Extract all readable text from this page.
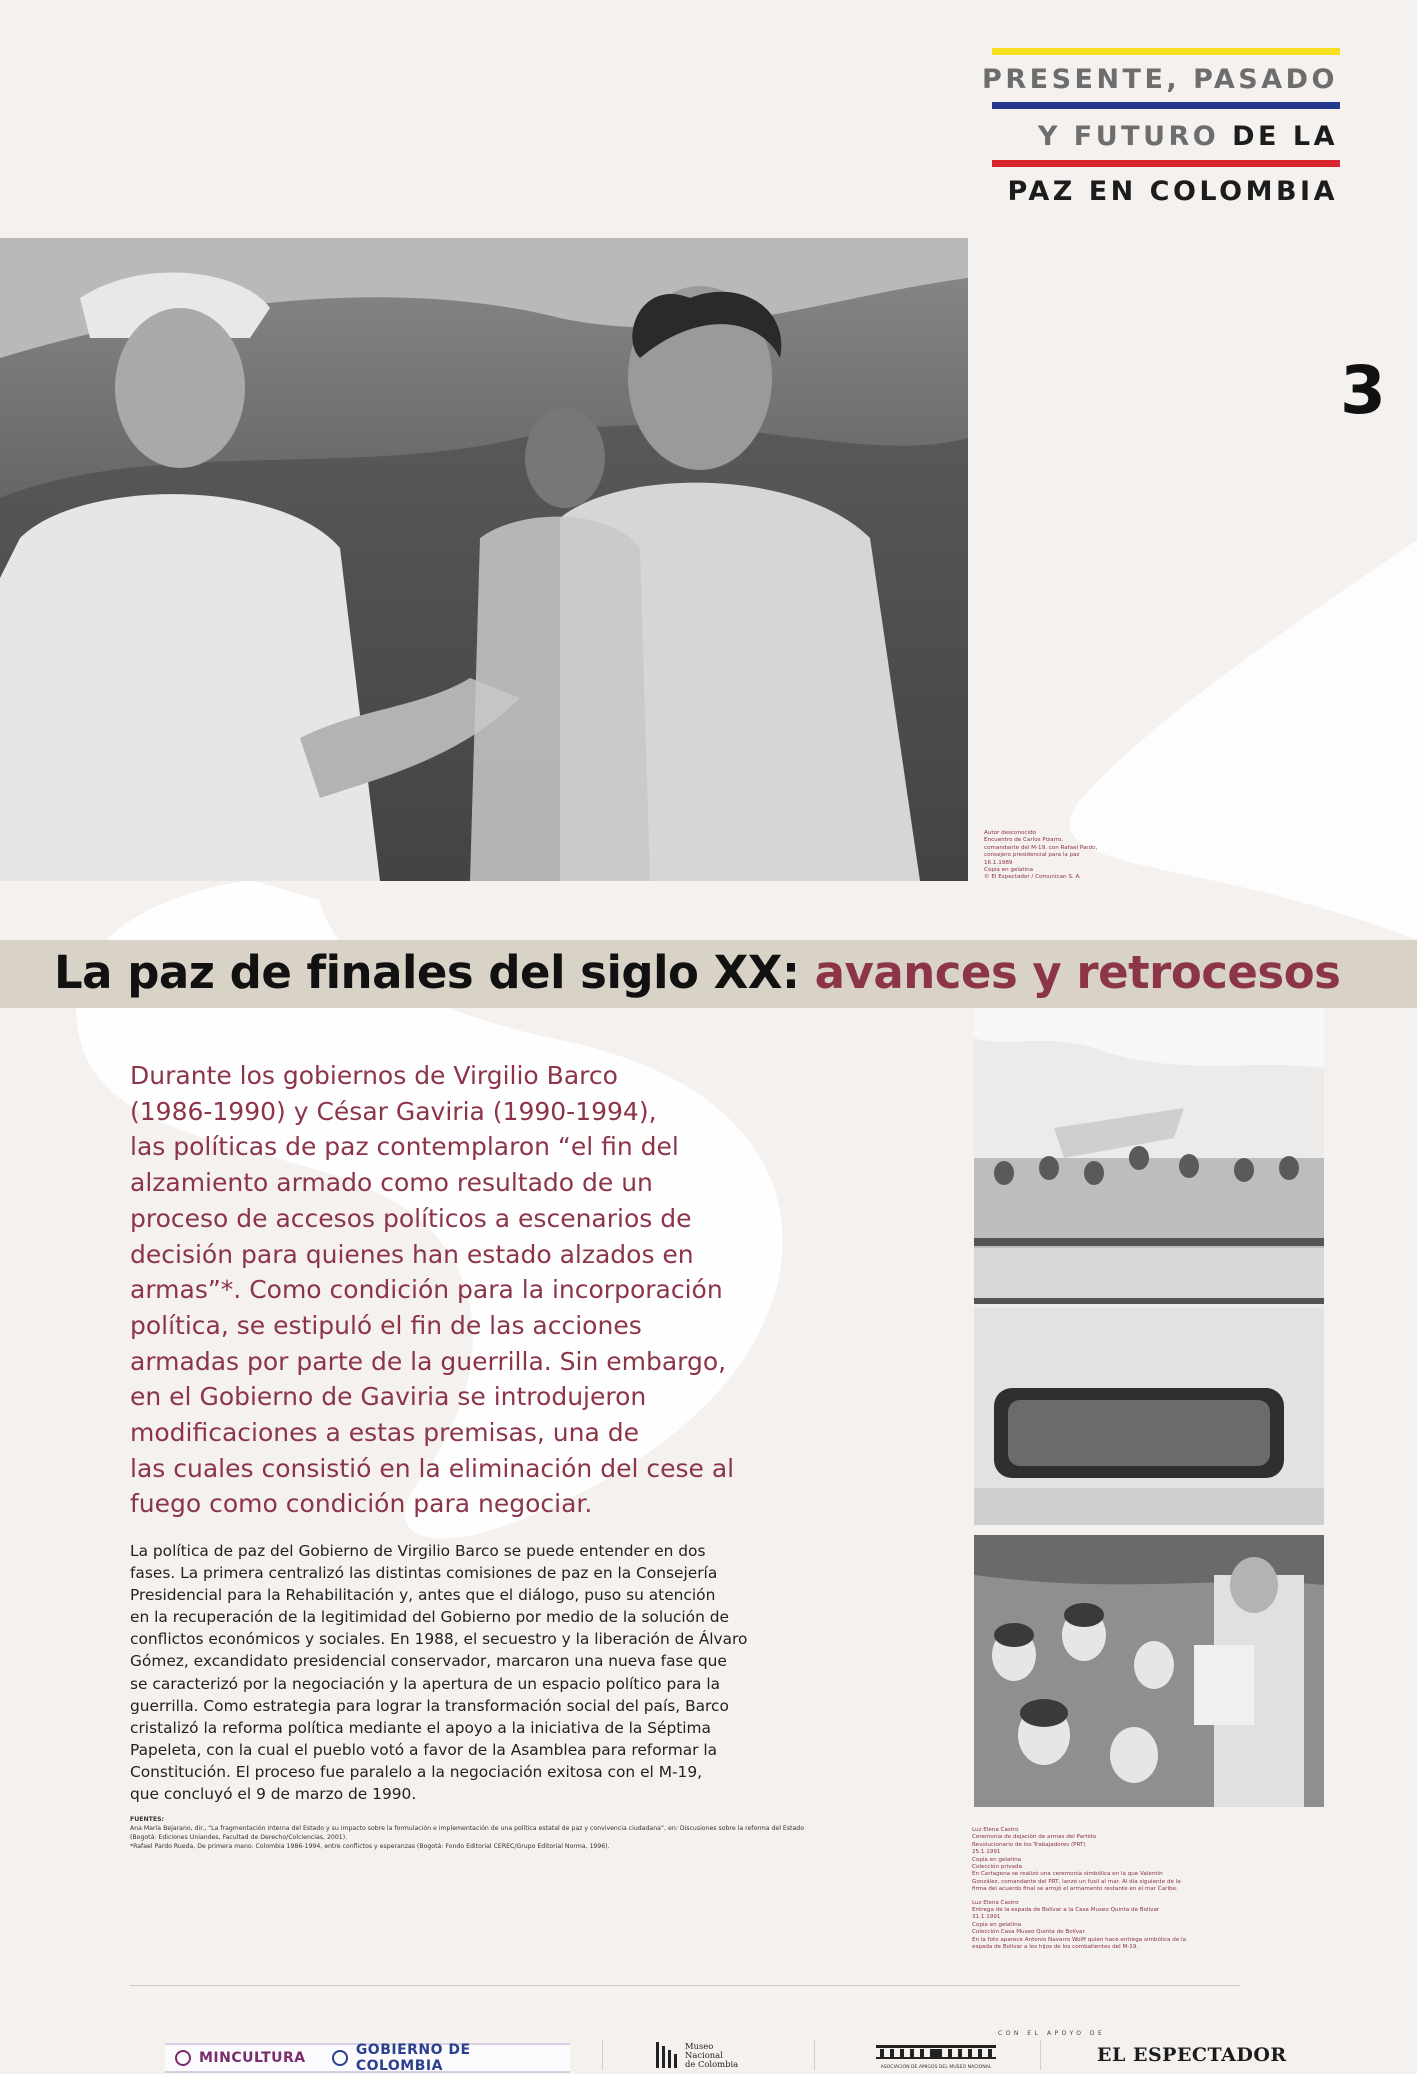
PRESENTE, PASADO
Y FUTURO DE LA
PAZ EN COLOMBIA
3
Autor desconocido
Encuentro de Carlos Pizarro,
comandante del M-19, con Rafael Pardo,
consejero presidencial para la paz
16.1.1989
Copia en gelatina
© El Espectador / Comunican S. A.
La paz de finales del siglo XX: avances y retrocesos
Durante los gobiernos de Virgilio Barco
(1986-1990) y César Gaviria (1990-1994),
las políticas de paz contemplaron “el fin del
alzamiento armado como resultado de un
proceso de accesos políticos a escenarios de
decisión para quienes han estado alzados en
armas”*. Como condición para la incorporación
política, se estipuló el fin de las acciones
armadas por parte de la guerrilla. Sin embargo,
en el Gobierno de Gaviria se introdujeron
modificaciones a estas premisas, una de
las cuales consistió en la eliminación del cese al
fuego como condición para negociar.
La política de paz del Gobierno de Virgilio Barco se puede entender en dos
fases. La primera centralizó las distintas comisiones de paz en la Consejería
Presidencial para la Rehabilitación y, antes que el diálogo, puso su atención
en la recuperación de la legitimidad del Gobierno por medio de la solución de
conflictos económicos y sociales. En 1988, el secuestro y la liberación de Álvaro
Gómez, excandidato presidencial conservador, marcaron una nueva fase que
se caracterizó por la negociación y la apertura de un espacio político para la
guerrilla. Como estrategia para lograr la transformación social del país, Barco
cristalizó la reforma política mediante el apoyo a la iniciativa de la Séptima
Papeleta, con la cual el pueblo votó a favor de la Asamblea para reformar la
Constitución. El proceso fue paralelo a la negociación exitosa con el M-19,
que concluyó el 9 de marzo de 1990.
FUENTES:
Ana María Bejarano, dir., “La fragmentación interna del Estado y su impacto sobre la formulación e implementación de una política estatal de paz y convivencia ciudadana”, en: Discusiones sobre la reforma del Estado
(Bogotá: Ediciones Uniandes, Facultad de Derecho/Colciencias, 2001).
*Rafael Pardo Rueda, De primera mano. Colombia 1986-1994, entre conflictos y esperanzas (Bogotá: Fondo Editorial CEREC/Grupo Editorial Norma, 1996).
Luz Elena Castro
Ceremonia de dejación de armas del Partido
Revolucionario de los Trabajadores (PRT)
25.1.1991
Copia en gelatina
Colección privada
En Cartagena se realizó una ceremonia simbólica en la que Valentín
González, comandante del PRT, lanzó un fusil al mar. Al día siguiente de la
firma del acuerdo final se arrojó el armamento restante en el mar Caribe.
Luz Elena Castro
Entrega de la espada de Bolívar a la Casa Museo Quinta de Bolívar
31.1.1991
Copia en gelatina
Colección Casa Museo Quinta de Bolívar
En la foto aparece Antonio Navarro Wolff quien hace entrega simbólica de la
espada de Bolívar a los hijos de los combatientes del M-19.
MINCULTURA	GOBIERNO DE COLOMBIA
Museo
Nacional
de Colombia	ASOCIACIÓN DE AMIGOS DEL MUSEO NACIONAL
CON EL APOYO DE
EL ESPECTADOR
